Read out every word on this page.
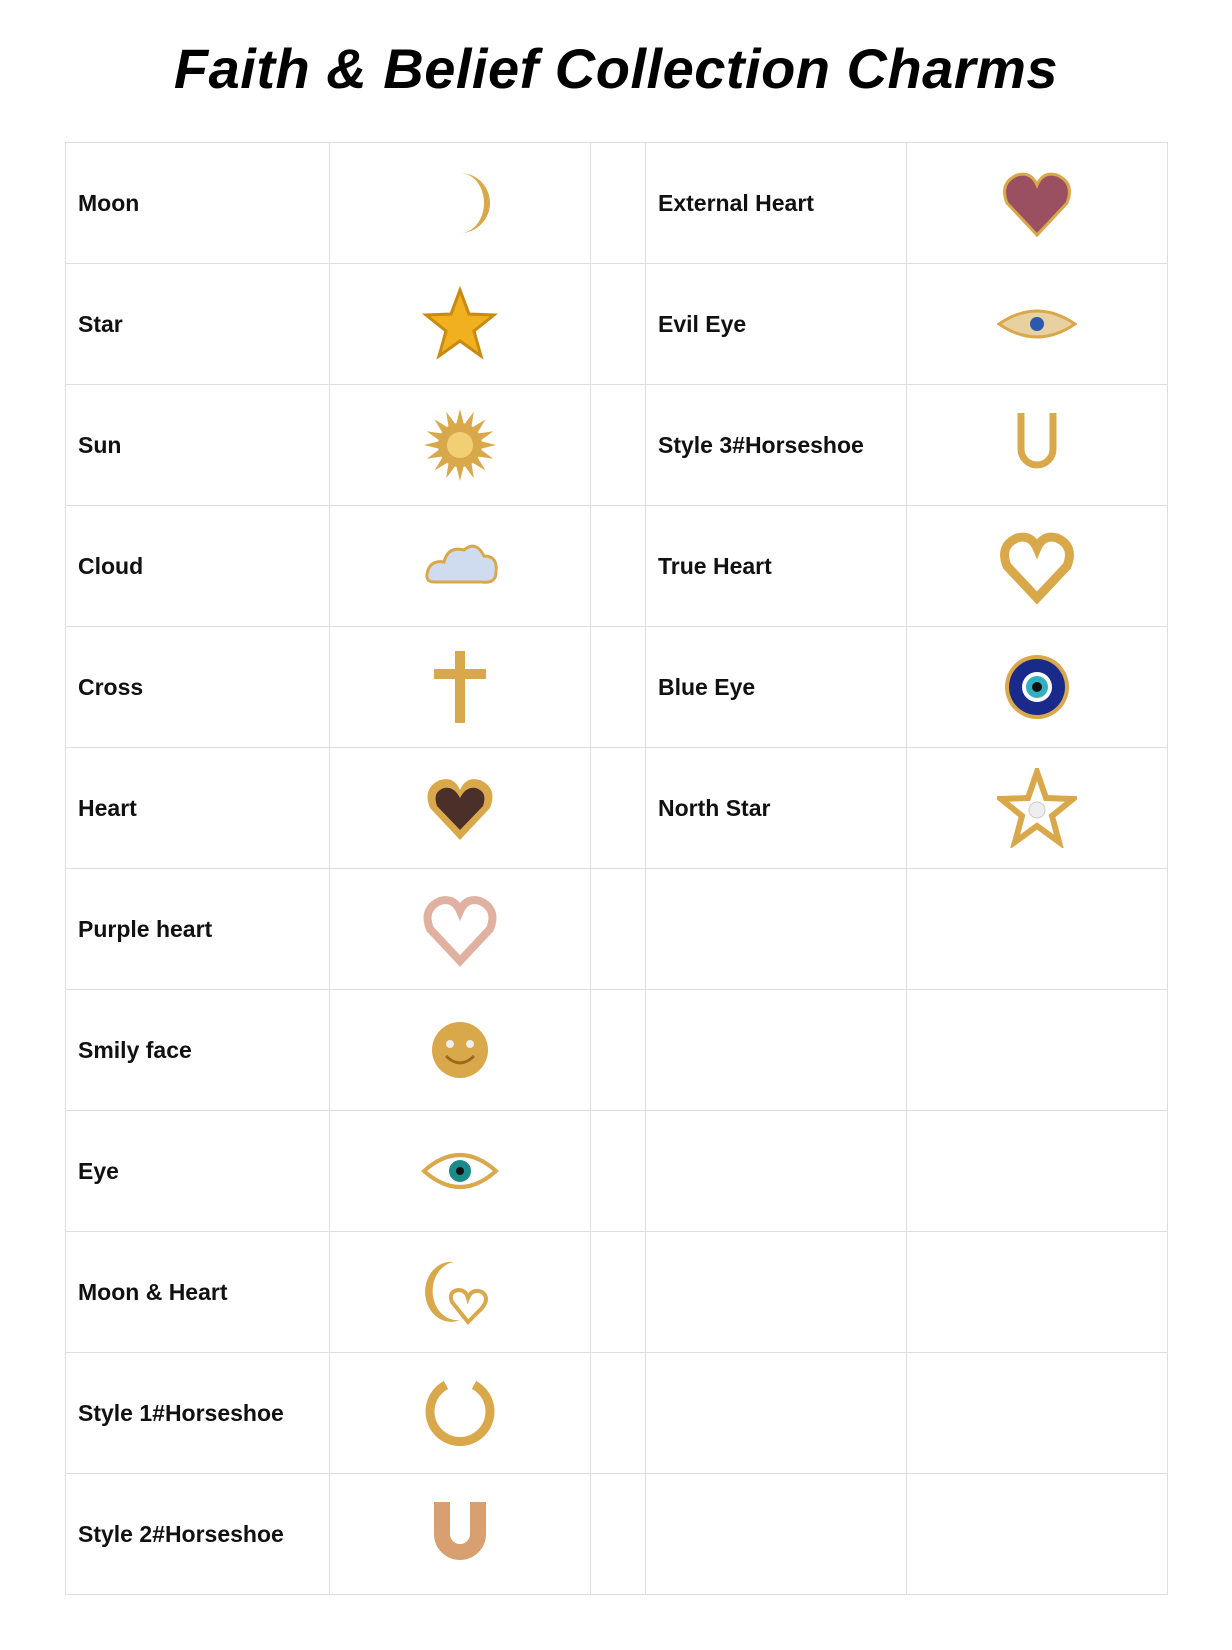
Faith & Belief Collection Charms
Moon			External Heart	
Star			Evil Eye	
Sun			Style 3#Horseshoe	
Cloud			True Heart	
Cross			Blue Eye	
Heart			North Star	
Purple heart				
Smily face				
Eye				
Moon & Heart				
Style 1#Horseshoe				
Style 2#Horseshoe				
